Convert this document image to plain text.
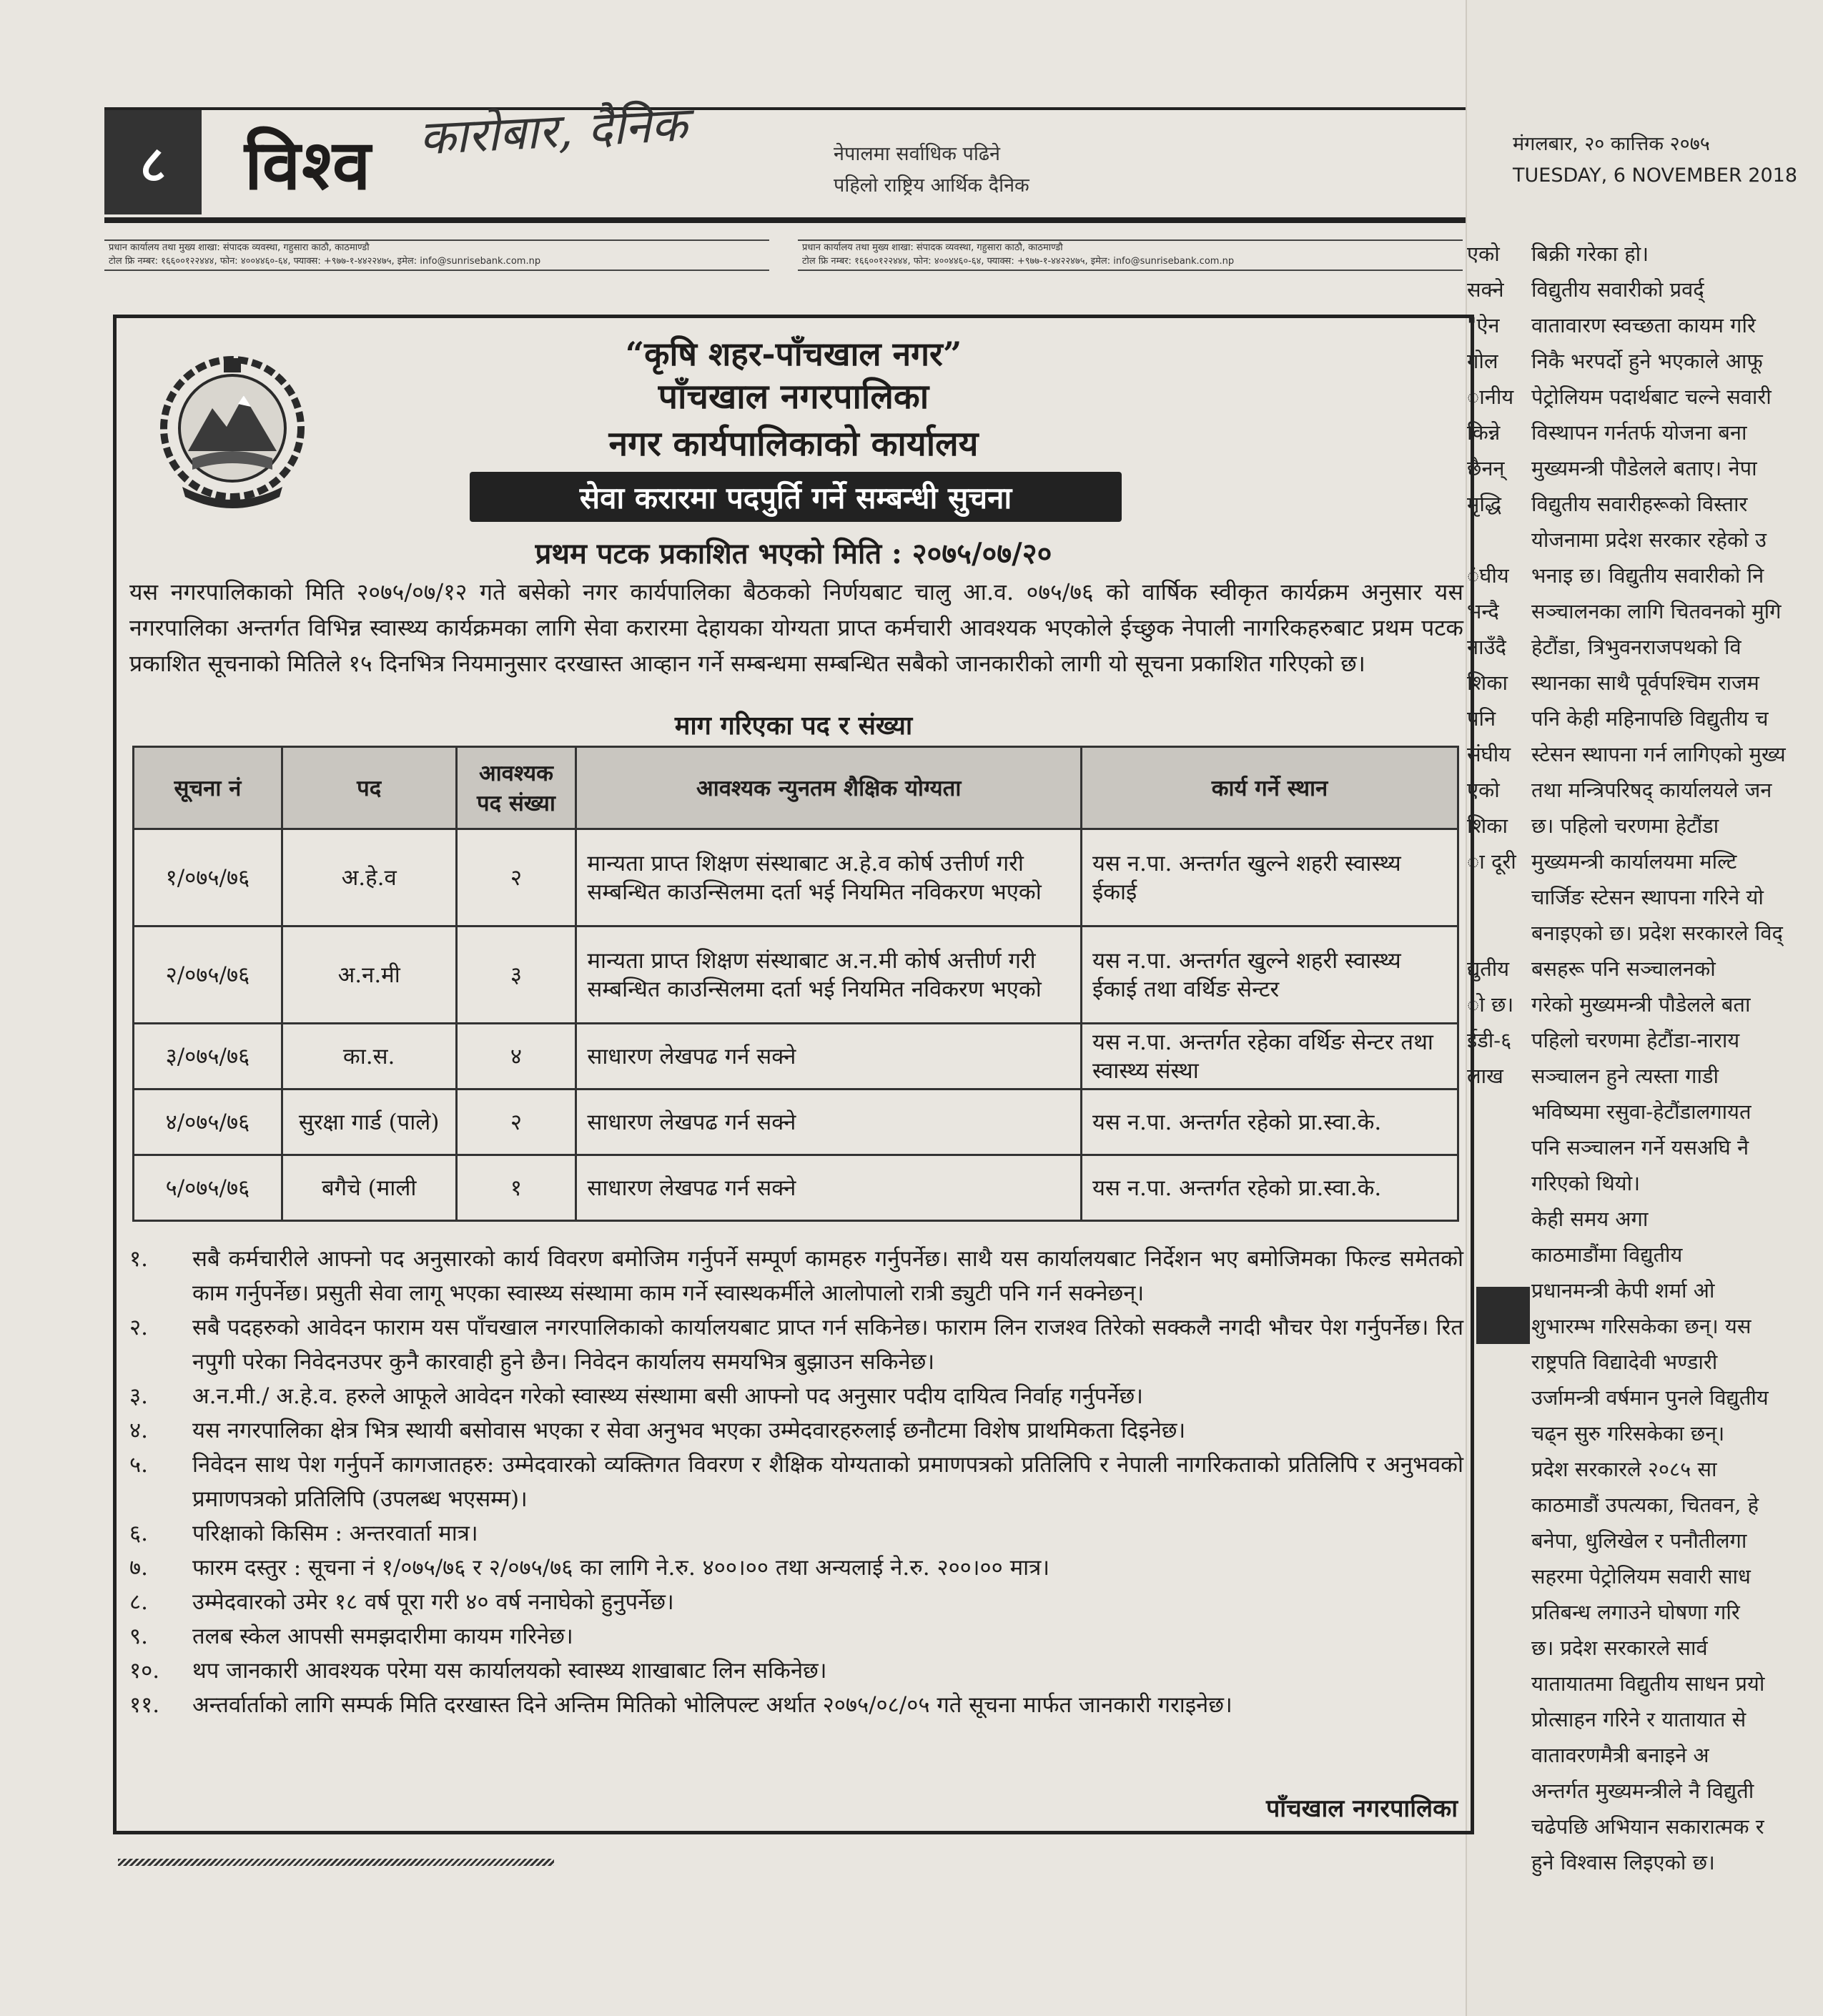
८	विश्व कारोबार, दैनिक	नेपालमा सर्वाधिक पढिने
पहिलो राष्ट्रिय आर्थिक दैनिक
मंगलबार, २० कात्तिक २०७५
TUESDAY, 6 NOVEMBER 2018
प्रधान कार्यालय तथा मुख्य शाखा: संपादक व्यवस्था, गहुसारा काठौ, काठमाण्डौ
टोल फ्रि नम्बर: १६६००१२२४४४, फोन: ४००४४६०-६४, फ्याक्स: +९७७-१-४४२२४७५, इमेल: info@sunrisebank.com.np
प्रधान कार्यालय तथा मुख्य शाखा: संपादक व्यवस्था, गहुसारा काठौ, काठमाण्डौ
टोल फ्रि नम्बर: १६६००१२२४४४, फोन: ४००४४६०-६४, फ्याक्स: +९७७-१-४४२२४७५, इमेल: info@sunrisebank.com.np
“कृषि शहर-पाँचखाल नगर”
पाँचखाल नगरपालिका
नगर कार्यपालिकाको कार्यालय
सेवा करारमा पदपुर्ति गर्ने सम्बन्धी सुचना
प्रथम पटक प्रकाशित भएको मिति : २०७५/०७/२०
यस नगरपालिकाको मिति २०७५/०७/१२ गते बसेको नगर कार्यपालिका बैठकको निर्णयबाट चालु आ.व. ०७५/७६ को वार्षिक स्वीकृत कार्यक्रम अनुसार यस नगरपालिका अन्तर्गत विभिन्न स्वास्थ्य कार्यक्रमका लागि सेवा करारमा देहायका योग्यता प्राप्त कर्मचारी आवश्यक भएकोले ईच्छुक नेपाली नागरिकहरुबाट प्रथम पटक प्रकाशित सूचनाको मितिले १५ दिनभित्र नियमानुसार दरखास्त आव्हान गर्ने सम्बन्धमा सम्बन्धित सबैको जानकारीको लागी यो सूचना प्रकाशित गरिएको छ।
माग गरिएका पद र संख्या
सूचना नं	पद	आवश्यक पद संख्या	आवश्यक न्युनतम शैक्षिक योग्यता	कार्य गर्ने स्थान
१/०७५/७६	अ.हे.व	२	मान्यता प्राप्त शिक्षण संस्थाबाट अ.हे.व कोर्ष उत्तीर्ण गरी सम्बन्धित काउन्सिलमा दर्ता भई नियमित नविकरण भएको	यस न.पा. अन्तर्गत खुल्ने शहरी स्वास्थ्य ईकाई
२/०७५/७६	अ.न.मी	३	मान्यता प्राप्त शिक्षण संस्थाबाट अ.न.मी कोर्ष अत्तीर्ण गरी सम्बन्धित काउन्सिलमा दर्ता भई नियमित नविकरण भएको	यस न.पा. अन्तर्गत खुल्ने शहरी स्वास्थ्य ईकाई तथा वर्थिङ सेन्टर
३/०७५/७६	का.स.	४	साधारण लेखपढ गर्न सक्ने	यस न.पा. अन्तर्गत रहेका वर्थिङ सेन्टर तथा स्वास्थ्य संस्था
४/०७५/७६	सुरक्षा गार्ड (पाले)	२	साधारण लेखपढ गर्न सक्ने	यस न.पा. अन्तर्गत रहेको प्रा.स्वा.के.
५/०७५/७६	बगैचे (माली	१	साधारण लेखपढ गर्न सक्ने	यस न.पा. अन्तर्गत रहेको प्रा.स्वा.के.
१. सबै कर्मचारीले आफ्नो पद अनुसारको कार्य विवरण बमोजिम गर्नुपर्ने सम्पूर्ण कामहरु गर्नुपर्नेछ। साथै यस कार्यालयबाट निर्देशन भए बमोजिमका फिल्ड समेतको काम गर्नुपर्नेछ। प्रसुती सेवा लागू भएका स्वास्थ्य संस्थामा काम गर्ने स्वास्थकर्मीले आलोपालो रात्री ड्युटी पनि गर्न सक्नेछन्।
२. सबै पदहरुको आवेदन फाराम यस पाँचखाल नगरपालिकाको कार्यालयबाट प्राप्त गर्न सकिनेछ। फाराम लिन राजश्व तिरेको सक्कलै नगदी भौचर पेश गर्नुपर्नेछ। रित नपुगी परेका निवेदनउपर कुनै कारवाही हुने छैन। निवेदन कार्यालय समयभित्र बुझाउन सकिनेछ।
३. अ.न.मी./ अ.हे.व. हरुले आफूले आवेदन गरेको स्वास्थ्य संस्थामा बसी आफ्नो पद अनुसार पदीय दायित्व निर्वाह गर्नुपर्नेछ।
४. यस नगरपालिका क्षेत्र भित्र स्थायी बसोवास भएका र सेवा अनुभव भएका उम्मेदवारहरुलाई छनौटमा विशेष प्राथमिकता दिइनेछ।
५. निवेदन साथ पेश गर्नुपर्ने कागजातहरु: उम्मेदवारको व्यक्तिगत विवरण र शैक्षिक योग्यताको प्रमाणपत्रको प्रतिलिपि र नेपाली नागरिकताको प्रतिलिपि र अनुभवको प्रमाणपत्रको प्रतिलिपि (उपलब्ध भएसम्म)।
६. परिक्षाको किसिम : अन्तरवार्ता मात्र।
७. फारम दस्तुर : सूचना नं १/०७५/७६ र २/०७५/७६ का लागि ने.रु. ४००।०० तथा अन्यलाई ने.रु. २००।०० मात्र।
८. उम्मेदवारको उमेर १८ वर्ष पूरा गरी ४० वर्ष ननाघेको हुनुपर्नेछ।
९. तलब स्केल आपसी समझदारीमा कायम गरिनेछ।
१०. थप जानकारी आवश्यक परेमा यस कार्यालयको स्वास्थ्य शाखाबाट लिन सकिनेछ।
११. अन्तर्वार्ताको लागि सम्पर्क मिति दरखास्त दिने अन्तिम मितिको भोलिपल्ट अर्थात २०७५/०८/०५ गते सूचना मार्फत जानकारी गराइनेछ।
पाँचखाल नगरपालिका

एको

सक्ने

"ऐन

गोल

ानीय

किन्ने

छैनन्

मृद्धि

ंघीय

भन्दै

नाउँदै

शिका

पनि

संघीय

एको

शिका

ा दूरी

द्युतीय

ो छ।

ईडी-६

लाख

बिक्री गरेका हो।

विद्युतीय सवारीको प्रवर्द्

वातावारण स्वच्छता कायम गरि

निकै भरपर्दो हुने भएकाले आफू

पेट्रोलियम पदार्थबाट चल्ने सवारी

विस्थापन गर्नतर्फ योजना बना

मुख्यमन्त्री पौडेलले बताए। नेपा

विद्युतीय सवारीहरूको विस्तार

योजनामा प्रदेश सरकार रहेको उ

भनाइ छ। विद्युतीय सवारीको नि

सञ्चालनका लागि चितवनको मुगि

हेटौंडा, त्रिभुवनराजपथको वि

स्थानका साथै पूर्वपश्चिम राजम

पनि केही महिनापछि विद्युतीय च

स्टेसन स्थापना गर्न लागिएको मुख्य

तथा मन्त्रिपरिषद् कार्यालयले जन

छ। पहिलो चरणमा हेटौंडा

मुख्यमन्त्री कार्यालयमा मल्टि

चार्जिङ स्टेसन स्थापना गरिने यो

बनाइएको छ। प्रदेश सरकारले विद्

बसहरू पनि सञ्चालनको

गरेको मुख्यमन्त्री पौडेलले बता

पहिलो चरणमा हेटौंडा-नाराय

सञ्चालन हुने त्यस्ता गाडी

भविष्यमा रसुवा-हेटौंडालगायत

पनि सञ्चालन गर्ने यसअघि नै

गरिएको थियो।

केही समय अगा

काठमाडौंमा विद्युतीय

प्रधानमन्त्री केपी शर्मा ओ

शुभारम्भ गरिसकेका छन्। यस

राष्ट्रपति विद्यादेवी भण्डारी

उर्जामन्त्री वर्षमान पुनले विद्युतीय

चढ्न सुरु गरिसकेका छन्।

प्रदेश सरकारले २०८५ सा

काठमाडौं उपत्यका, चितवन, हे

बनेपा, धुलिखेल र पनौतीलगा

सहरमा पेट्रोलियम सवारी साध

प्रतिबन्ध लगाउने घोषणा गरि

छ। प्रदेश सरकारले सार्व

यातायातमा विद्युतीय साधन प्रयो

प्रोत्साहन गरिने र यातायात से

वातावरणमैत्री बनाइने अ

अन्तर्गत मुख्यमन्त्रीले नै विद्युती

चढेपछि अभियान सकारात्मक र

हुने विश्वास लिइएको छ।
